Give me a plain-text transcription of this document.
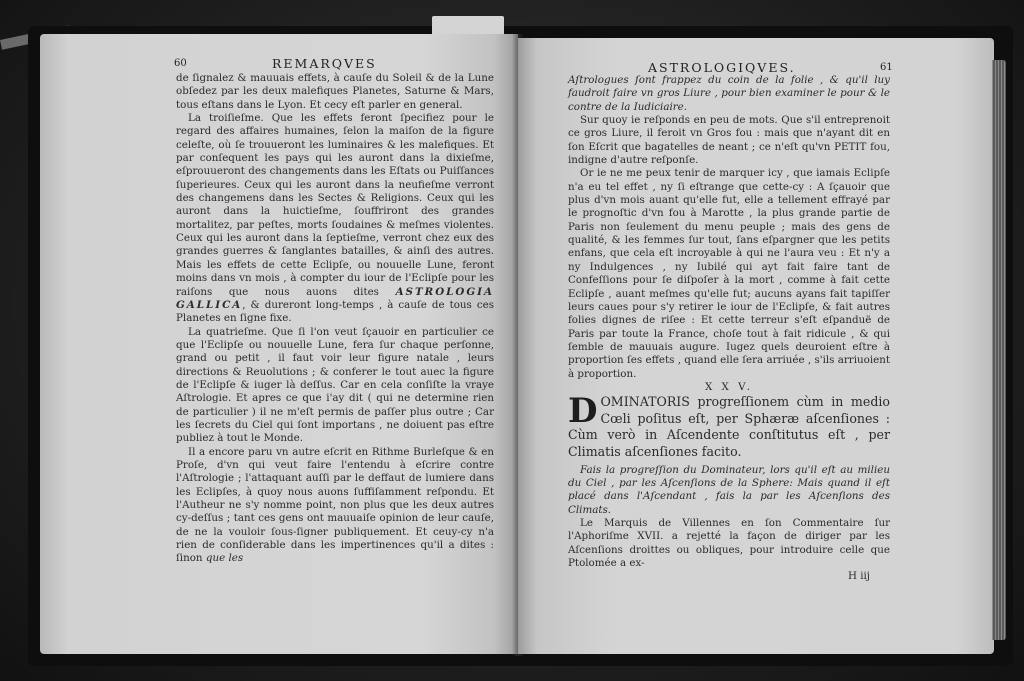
60	REMARQVES

de ſignalez & mauuais effets, à cauſe du Soleil & de la Lune obſedez par les deux malefiques Planetes, Saturne & Mars, tous eſtans dans le Lyon. Et cecy eſt parler en general.

La troiſieſme. Que les effets feront ſpecifiez pour le regard des affaires humaines, ſelon la maiſon de la figure celeſte, où ſe trouueront les luminaires & les malefiques. Et par conſequent les pays qui les auront dans la dixieſme, eſprouueront des changements dans les Eſtats ou Puiſſances ſuperieures. Ceux qui les auront dans la neufieſme verront des changemens dans les Sectes & Religions. Ceux qui les auront dans la huictieſme, ſouffriront des grandes mortalitez, par peſtes, morts ſoudaines & meſmes violentes. Ceux qui les auront dans la ſeptieſme, verront chez eux des grandes guerres & ſanglantes batailles, & ainſi des autres. Mais les effets de cette Eclipſe, ou nouuelle Lune, feront moins dans vn mois , à compter du iour de l'Eclipſe pour les raiſons que nous auons dites ASTROLOGIA GALLICA, & dureront long-temps , à cauſe de tous ces Planetes en ſigne fixe.

La quatrieſme. Que ſi l'on veut ſçauoir en particulier ce que l'Eclipſe ou nouuelle Lune, fera ſur chaque perſonne, grand ou petit , il faut voir leur figure natale , leurs directions & Reuolutions ; & conferer le tout auec la figure de l'Eclipſe & iuger là deſſus. Car en cela conſiſte la vraye Aſtrologie. Et apres ce que i'ay dit ( qui ne determine rien de particulier ) il ne m'eſt permis de paſſer plus outre ; Car les ſecrets du Ciel qui ſont importans , ne doiuent pas eſtre publiez à tout le Monde.

Il a encore paru vn autre eſcrit en Rithme Burleſque & en Proſe, d'vn qui veut faire l'entendu à eſcrire contre l'Aſtrologie ; l'attaquant auſſi par le deffaut de lumiere dans les Eclipſes, à quoy nous auons ſuffiſamment reſpondu. Et l'Autheur ne s'y nomme point, non plus que les deux autres cy-deſſus ; tant ces gens ont mauuaiſe opinion de leur cauſe, de ne la vouloir ſous-ſigner publiquement. Et ceuy-cy n'a rien de conſiderable dans les impertinences qu'il a dites : ſinon que les

ASTROLOGIQVES.	61

Aſtrologues ſont frappez du coin de la folie , & qu'il luy faudroit faire vn gros Liure , pour bien examiner le pour & le contre de la Iudiciaire.

Sur quoy ie reſponds en peu de mots. Que s'il entreprenoit ce gros Liure, il feroit vn Gros fou : mais que n'ayant dit en ſon Eſcrit que bagatelles de neant ; ce n'eſt qu'vn PETIT fou, indigne d'autre reſponſe.

Or ie ne me peux tenir de marquer icy , que iamais Eclipſe n'a eu tel effet , ny ſi eſtrange que cette-cy : A ſçauoir que plus d'vn mois auant qu'elle fut, elle a tellement effrayé par le prognoſtic d'vn fou à Marotte , la plus grande partie de Paris non ſeulement du menu peuple ; mais des gens de qualité, & les femmes ſur tout, ſans eſpargner que les petits enfans, que cela eſt incroyable à qui ne l'aura veu : Et n'y a ny Indulgences , ny Iubilé qui ayt fait faire tant de Confeſſions pour ſe diſpoſer à la mort , comme à fait cette Eclipſe , auant meſmes qu'elle fut; aucuns ayans fait tapiſſer leurs caues pour s'y retirer le iour de l'Eclipſe, & fait autres folies dignes de riſee : Et cette terreur s'eſt eſpanduë de Paris par toute la France, choſe tout à fait ridicule , & qui ſemble de mauuais augure. Iugez quels deuroient eſtre à proportion ſes effets , quand elle ſera arriuée , s'ils arriuoient à proportion.

X X V.

DOMINATORIS progreſſionem cùm in medio Cœli poſitus eſt, per Sphæræ aſcenſiones : Cùm verò in Aſcendente conſtitutus eſt , per Climatis aſcenſiones facito.

Fais la progreſſion du Dominateur, lors qu'il eſt au milieu du Ciel , par les Aſcenſions de la Sphere: Mais quand il eſt placé dans l'Aſcendant , fais la par les Aſcenſions des Climats.

Le Marquis de Villennes en ſon Commentaire ſur l'Aphoriſme XVII. a rejetté la façon de diriger par les Aſcenſions droittes ou obliques, pour introduire celle que Ptolomée a ex-

H iij
